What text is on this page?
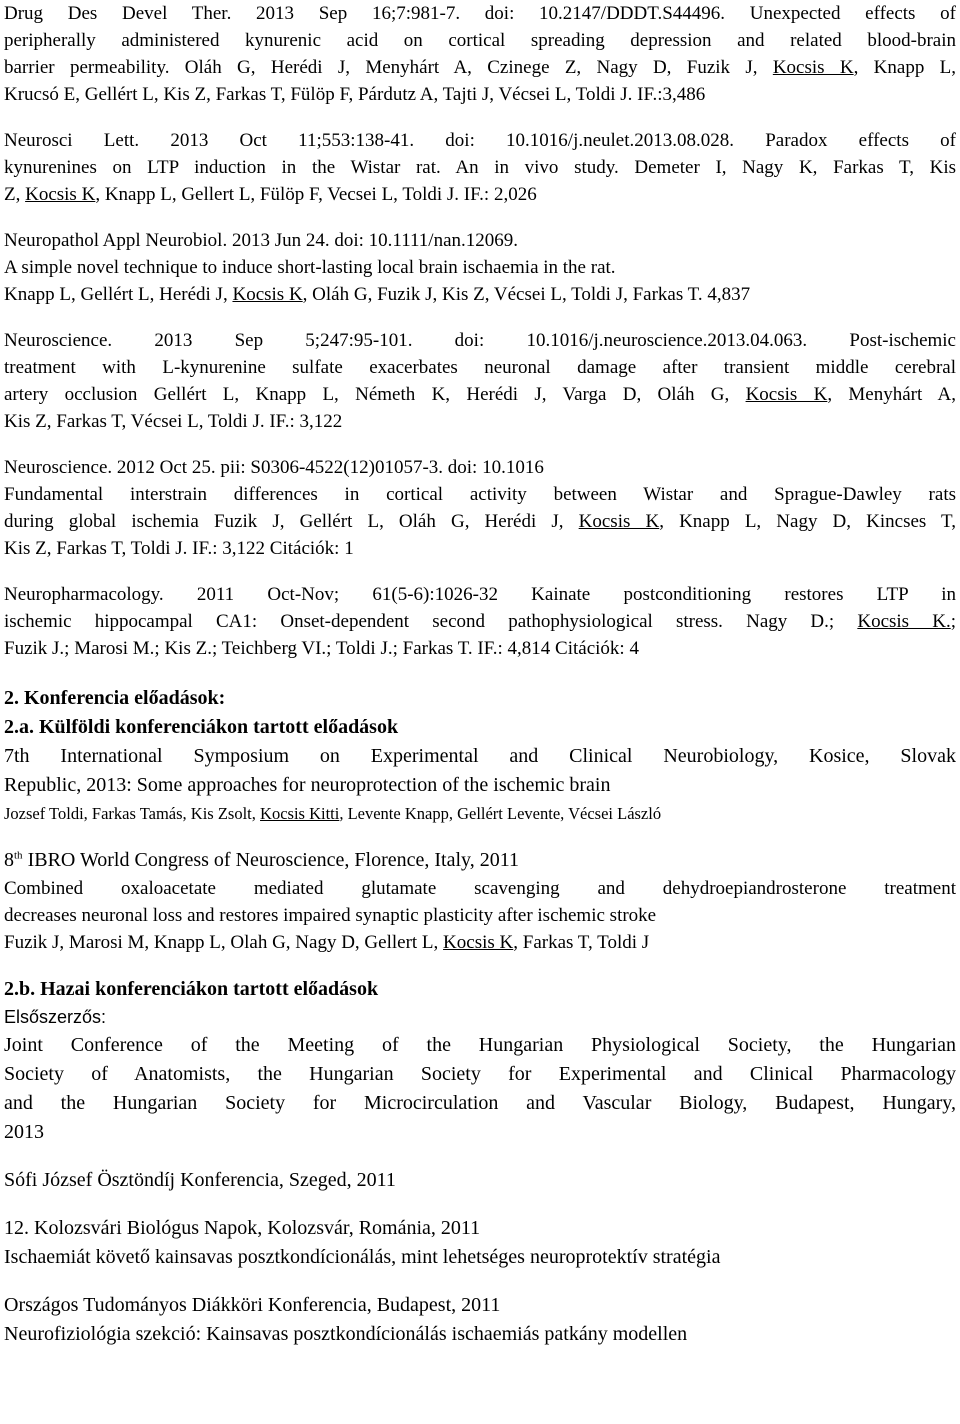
Drug Des Devel Ther. 2013 Sep 16;7:981-7. doi: 10.2147/DDDT.S44496. Unexpected effects of
peripherally administered kynurenic acid on cortical spreading depression and related blood-brain
barrier permeability. Oláh G, Herédi J, Menyhárt A, Czinege Z, Nagy D, Fuzik J, Kocsis K, Knapp L,
Krucsó E, Gellért L, Kis Z, Farkas T, Fülöp F, Párdutz A, Tajti J, Vécsei L, Toldi J. IF.:3,486
Neurosci Lett. 2013 Oct 11;553:138-41. doi: 10.1016/j.neulet.2013.08.028. Paradox effects of
kynurenines on LTP induction in the Wistar rat. An in vivo study. Demeter I, Nagy K, Farkas T, Kis
Z, Kocsis K, Knapp L, Gellert L, Fülöp F, Vecsei L, Toldi J. IF.: 2,026
Neuropathol Appl Neurobiol. 2013 Jun 24. doi: 10.1111/nan.12069.
A simple novel technique to induce short-lasting local brain ischaemia in the rat.
Knapp L, Gellért L, Herédi J, Kocsis K, Oláh G, Fuzik J, Kis Z, Vécsei L, Toldi J, Farkas T. 4,837
Neuroscience. 2013 Sep 5;247:95-101. doi: 10.1016/j.neuroscience.2013.04.063. Post-ischemic
treatment with L-kynurenine sulfate exacerbates neuronal damage after transient middle cerebral
artery occlusion Gellért L, Knapp L, Németh K, Herédi J, Varga D, Oláh G, Kocsis K, Menyhárt A,
Kis Z, Farkas T, Vécsei L, Toldi J. IF.: 3,122
Neuroscience. 2012 Oct 25. pii: S0306-4522(12)01057-3. doi: 10.1016
Fundamental interstrain differences in cortical activity between Wistar and Sprague-Dawley rats
during global ischemia Fuzik J, Gellért L, Oláh G, Herédi J, Kocsis K, Knapp L, Nagy D, Kincses T,
Kis Z, Farkas T, Toldi J. IF.: 3,122 Citációk: 1
Neuropharmacology. 2011 Oct-Nov; 61(5-6):1026-32 Kainate postconditioning restores LTP in
ischemic hippocampal CA1: Onset-dependent second pathophysiological stress. Nagy D.; Kocsis K.;
Fuzik J.; Marosi M.; Kis Z.; Teichberg VI.; Toldi J.; Farkas T. IF.: 4,814 Citációk: 4
2. Konferencia előadások:
2.a. Külföldi konferenciákon tartott előadások
7th International Symposium on Experimental and Clinical Neurobiology, Kosice, Slovak
Republic, 2013: Some approaches for neuroprotection of the ischemic brain
Jozsef Toldi, Farkas Tamás, Kis Zsolt, Kocsis Kitti, Levente Knapp, Gellért Levente, Vécsei László
8th IBRO World Congress of Neuroscience, Florence, Italy, 2011
Combined oxaloacetate mediated glutamate scavenging and dehydroepiandrosterone treatment
decreases neuronal loss and restores impaired synaptic plasticity after ischemic stroke
Fuzik J, Marosi M, Knapp L, Olah G, Nagy D, Gellert L, Kocsis K, Farkas T, Toldi J
2.b. Hazai konferenciákon tartott előadások
Elsőszerzős:
Joint Conference of the Meeting of the Hungarian Physiological Society, the Hungarian
Society of Anatomists, the Hungarian Society for Experimental and Clinical Pharmacology
and the Hungarian Society for Microcirculation and Vascular Biology, Budapest, Hungary,
2013
Sófi József Ösztöndíj Konferencia, Szeged, 2011
12. Kolozsvári Biológus Napok, Kolozsvár, Románia, 2011
Ischaemiát követő kainsavas posztkondícionálás, mint lehetséges neuroprotektív stratégia
Országos Tudományos Diákköri Konferencia, Budapest, 2011
Neurofiziológia szekció: Kainsavas posztkondícionálás ischaemiás patkány modellen
